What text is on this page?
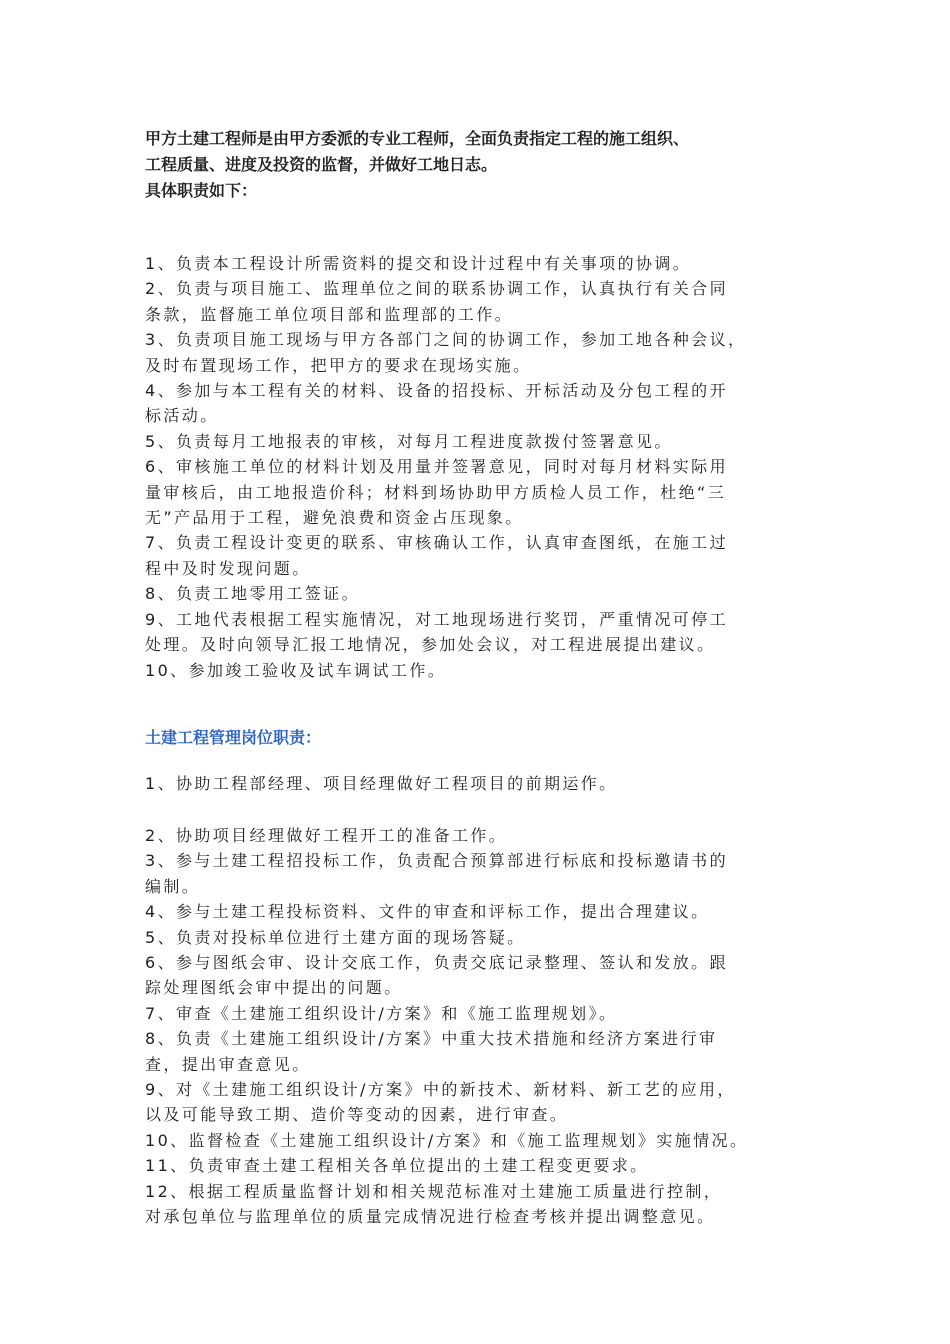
甲方土建工程师是由甲方委派的专业工程师，全面负责指定工程的施工组织、

工程质量、进度及投资的监督，并做好工地日志。

具体职责如下：

1、负责本工程设计所需资料的提交和设计过程中有关事项的协调。

2、负责与项目施工、监理单位之间的联系协调工作，认真执行有关合同

条款，监督施工单位项目部和监理部的工作。

3、负责项目施工现场与甲方各部门之间的协调工作，参加工地各种会议，

及时布置现场工作，把甲方的要求在现场实施。

4、参加与本工程有关的材料、设备的招投标、开标活动及分包工程的开

标活动。

5、负责每月工地报表的审核，对每月工程进度款拨付签署意见。

6、审核施工单位的材料计划及用量并签署意见，同时对每月材料实际用

量审核后，由工地报造价科；材料到场协助甲方质检人员工作，杜绝“三

无”产品用于工程，避免浪费和资金占压现象。

7、负责工程设计变更的联系、审核确认工作，认真审查图纸，在施工过

程中及时发现问题。

8、负责工地零用工签证。

9、工地代表根据工程实施情况，对工地现场进行奖罚，严重情况可停工

处理。及时向领导汇报工地情况，参加处会议，对工程进展提出建议。

10、参加竣工验收及试车调试工作。

土建工程管理岗位职责：

1、协助工程部经理、项目经理做好工程项目的前期运作。

2、协助项目经理做好工程开工的准备工作。

3、参与土建工程招投标工作，负责配合预算部进行标底和投标邀请书的

编制。

4、参与土建工程投标资料、文件的审查和评标工作，提出合理建议。

5、负责对投标单位进行土建方面的现场答疑。

6、参与图纸会审、设计交底工作，负责交底记录整理、签认和发放。跟

踪处理图纸会审中提出的问题。

7、审查《土建施工组织设计/方案》和《施工监理规划》。

8、负责《土建施工组织设计/方案》中重大技术措施和经济方案进行审

查，提出审查意见。

9、对《土建施工组织设计/方案》中的新技术、新材料、新工艺的应用，

以及可能导致工期、造价等变动的因素，进行审查。

10、监督检查《土建施工组织设计/方案》和《施工监理规划》实施情况。

11、负责审查土建工程相关各单位提出的土建工程变更要求。

12、根据工程质量监督计划和相关规范标准对土建施工质量进行控制，

对承包单位与监理单位的质量完成情况进行检查考核并提出调整意见。
